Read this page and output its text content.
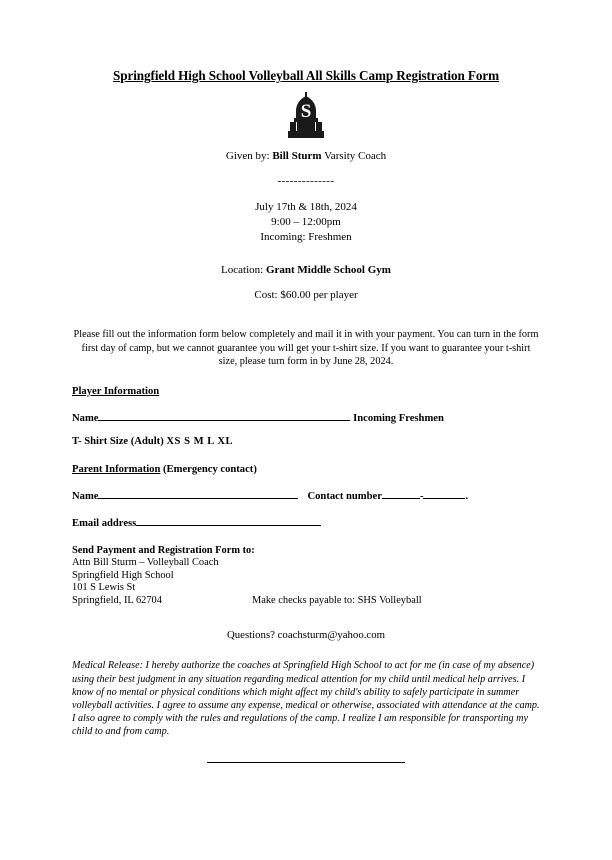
Springfield High School Volleyball All Skills Camp Registration Form
S
Given by: Bill Sturm Varsity Coach
--------------
July 17th & 18th, 2024
9:00 – 12:00pm
Incoming: Freshmen
Location: Grant Middle School Gym
Cost: $60.00 per player
Please fill out the information form below completely and mail it in with your payment. You can turn in the form first day of camp, but we cannot guarantee you will get your t-shirt size. If you want to guarantee your t-shirt size, please turn form in by June 28, 2024.
Player Information
Name	Incoming Freshmen
T- Shirt Size (Adult) XS S M L XL
Parent Information (Emergency contact)
Name	Contact number	-	.
Email address
Send Payment and Registration Form to:
Attn Bill Sturm – Volleyball Coach
Springfield High School
101 S Lewis St
Springfield, IL 62704	Make checks payable to: SHS Volleyball
Questions? coachsturm@yahoo.com
Medical Release: I hereby authorize the coaches at Springfield High School to act for me (in case of my absence) using their best judgment in any situation regarding medical attention for my child until medical help arrives. I know of no mental or physical conditions which might affect my child's ability to safely participate in summer volleyball activities. I agree to assume any expense, medical or otherwise, associated with attendance at the camp. I also agree to comply with the rules and regulations of the camp. I realize I am responsible for transporting my child to and from camp.
